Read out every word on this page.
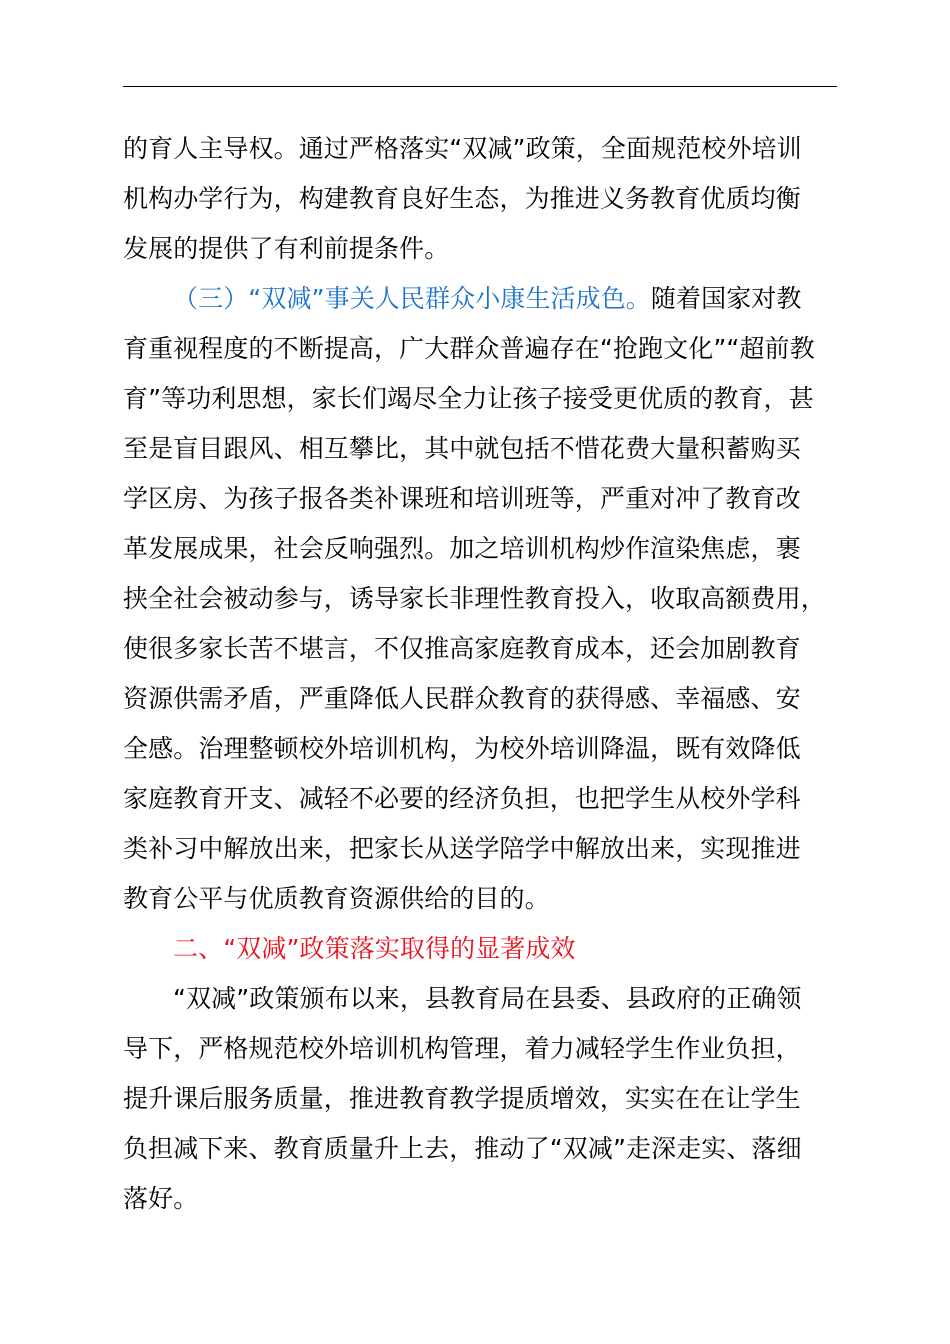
的育人主导权。通过严格落实“双减”政策，全面规范校外培训
机构办学行为，构建教育良好生态，为推进义务教育优质均衡
发展的提供了有利前提条件。

（三）“双减”事关人民群众小康生活成色。随着国家对教
育重视程度的不断提高，广大群众普遍存在“抢跑文化”“超前教
育”等功利思想，家长们竭尽全力让孩子接受更优质的教育，甚
至是盲目跟风、相互攀比，其中就包括不惜花费大量积蓄购买
学区房、为孩子报各类补课班和培训班等，严重对冲了教育改
革发展成果，社会反响强烈。加之培训机构炒作渲染焦虑，裹
挟全社会被动参与，诱导家长非理性教育投入，收取高额费用，
使很多家长苦不堪言，不仅推高家庭教育成本，还会加剧教育
资源供需矛盾，严重降低人民群众教育的获得感、幸福感、安
全感。治理整顿校外培训机构，为校外培训降温，既有效降低
家庭教育开支、减轻不必要的经济负担，也把学生从校外学科
类补习中解放出来，把家长从送学陪学中解放出来，实现推进
教育公平与优质教育资源供给的目的。

二、“双减”政策落实取得的显著成效

“双减”政策颁布以来，县教育局在县委、县政府的正确领
导下，严格规范校外培训机构管理，着力减轻学生作业负担，
提升课后服务质量，推进教育教学提质增效，实实在在让学生
负担减下来、教育质量升上去，推动了“双减”走深走实、落细
落好。
